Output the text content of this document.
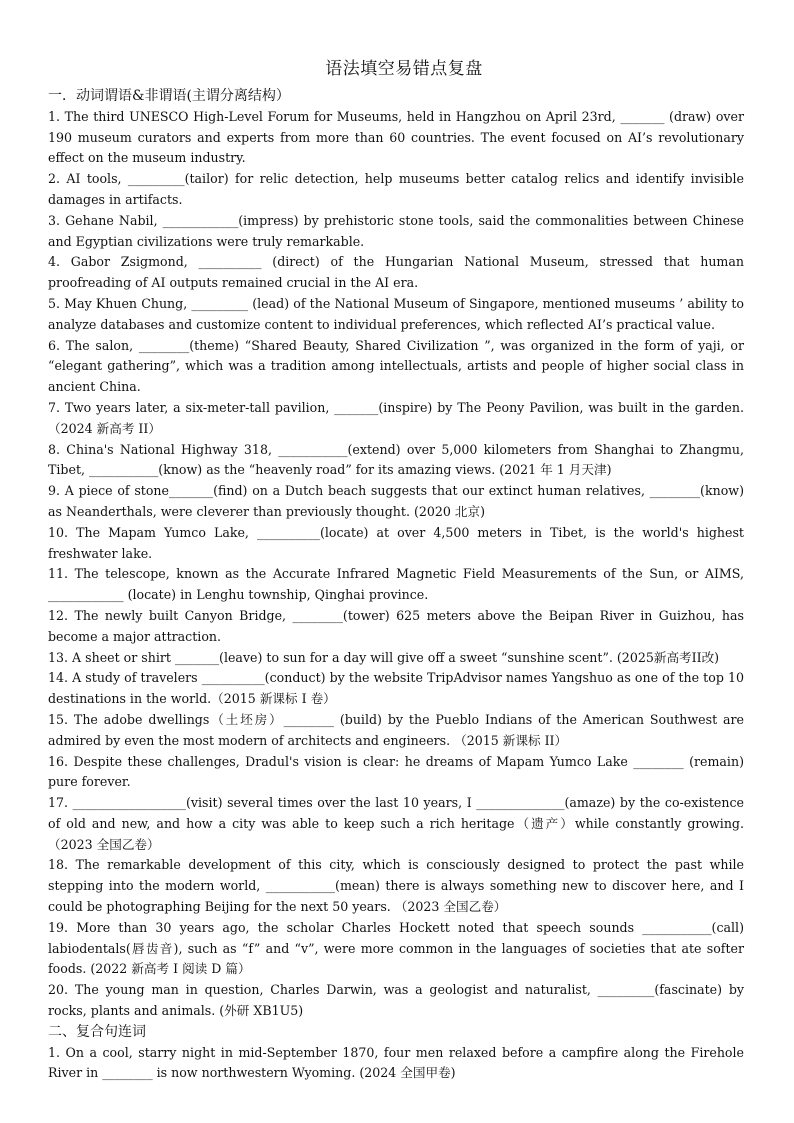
语法填空易错点复盘
一．动词谓语&非谓语(主谓分离结构）
1. The third UNESCO High-Level Forum for Museums, held in Hangzhou on April 23rd, _______ (draw) over 190 museum curators and experts from more than 60 countries. The event focused on AI’s revolutionary effect on the museum industry.
2. AI tools, _________(tailor) for relic detection, help museums better catalog relics and identify invisible damages in artifacts.
3. Gehane Nabil, ____________(impress) by prehistoric stone tools, said the commonalities between Chinese and Egyptian civilizations were truly remarkable.
4. Gabor Zsigmond, __________ (direct) of the Hungarian National Museum, stressed that human proofreading of AI outputs remained crucial in the AI era.
5. May Khuen Chung, _________ (lead) of the National Museum of Singapore, mentioned museums ’ ability to analyze databases and customize content to individual preferences, which reflected AI’s practical value.
6. The salon, ________(theme) “Shared Beauty, Shared Civilization ”, was organized in the form of yaji, or “elegant gathering”, which was a tradition among intellectuals, artists and people of higher social class in ancient China.
7. Two years later, a six-meter-tall pavilion, _______(inspire) by The Peony Pavilion, was built in the garden.（2024 新高考 II）
8. China's National Highway 318, ___________(extend) over 5,000 kilometers from Shanghai to Zhangmu, Tibet, ___________(know) as the “heavenly road” for its amazing views. (2021 年 1 月天津)
9. A piece of stone_______(find) on a Dutch beach suggests that our extinct human relatives, ________(know) as Neanderthals, were cleverer than previously thought. (2020 北京)
10. The Mapam Yumco Lake, __________(locate) at over 4,500 meters in Tibet, is the world's highest freshwater lake.
11. The telescope, known as the Accurate Infrared Magnetic Field Measurements of the Sun, or AIMS, ____________ (locate) in Lenghu township, Qinghai province.
12. The newly built Canyon Bridge, ________(tower) 625 meters above the Beipan River in Guizhou, has become a major attraction.
13. A sheet or shirt _______(leave) to sun for a day will give off a sweet “sunshine scent”. (2025新高考II改)
14. A study of travelers __________(conduct) by the website TripAdvisor names Yangshuo as one of the top 10 destinations in the world.（2015 新课标 I 卷）
15. The adobe dwellings（土坯房）________ (build) by the Pueblo Indians of the American Southwest are admired by even the most modern of architects and engineers. （2015 新课标 II）
16. Despite these challenges, Dradul's vision is clear: he dreams of Mapam Yumco Lake ________ (remain) pure forever.
17. __________________(visit) several times over the last 10 years, I ______________(amaze) by the co-existence of old and new, and how a city was able to keep such a rich heritage（遗产）while constantly growing. （2023 全国乙卷）
18. The remarkable development of this city, which is consciously designed to protect the past while stepping into the modern world, ___________(mean) there is always something new to discover here, and I could be photographing Beijing for the next 50 years. （2023 全国乙卷）
19. More than 30 years ago, the scholar Charles Hockett noted that speech sounds ___________(call) labiodentals(唇齿音), such as “f” and “v”, were more common in the languages of societies that ate softer foods. (2022 新高考 I 阅读 D 篇）
20. The young man in question, Charles Darwin, was a geologist and naturalist, _________(fascinate) by rocks, plants and animals. (外研 XB1U5)
二、复合句连词
1. On a cool, starry night in mid-September 1870, four men relaxed before a campfire along the Firehole River in ________ is now northwestern Wyoming. (2024 全国甲卷)
